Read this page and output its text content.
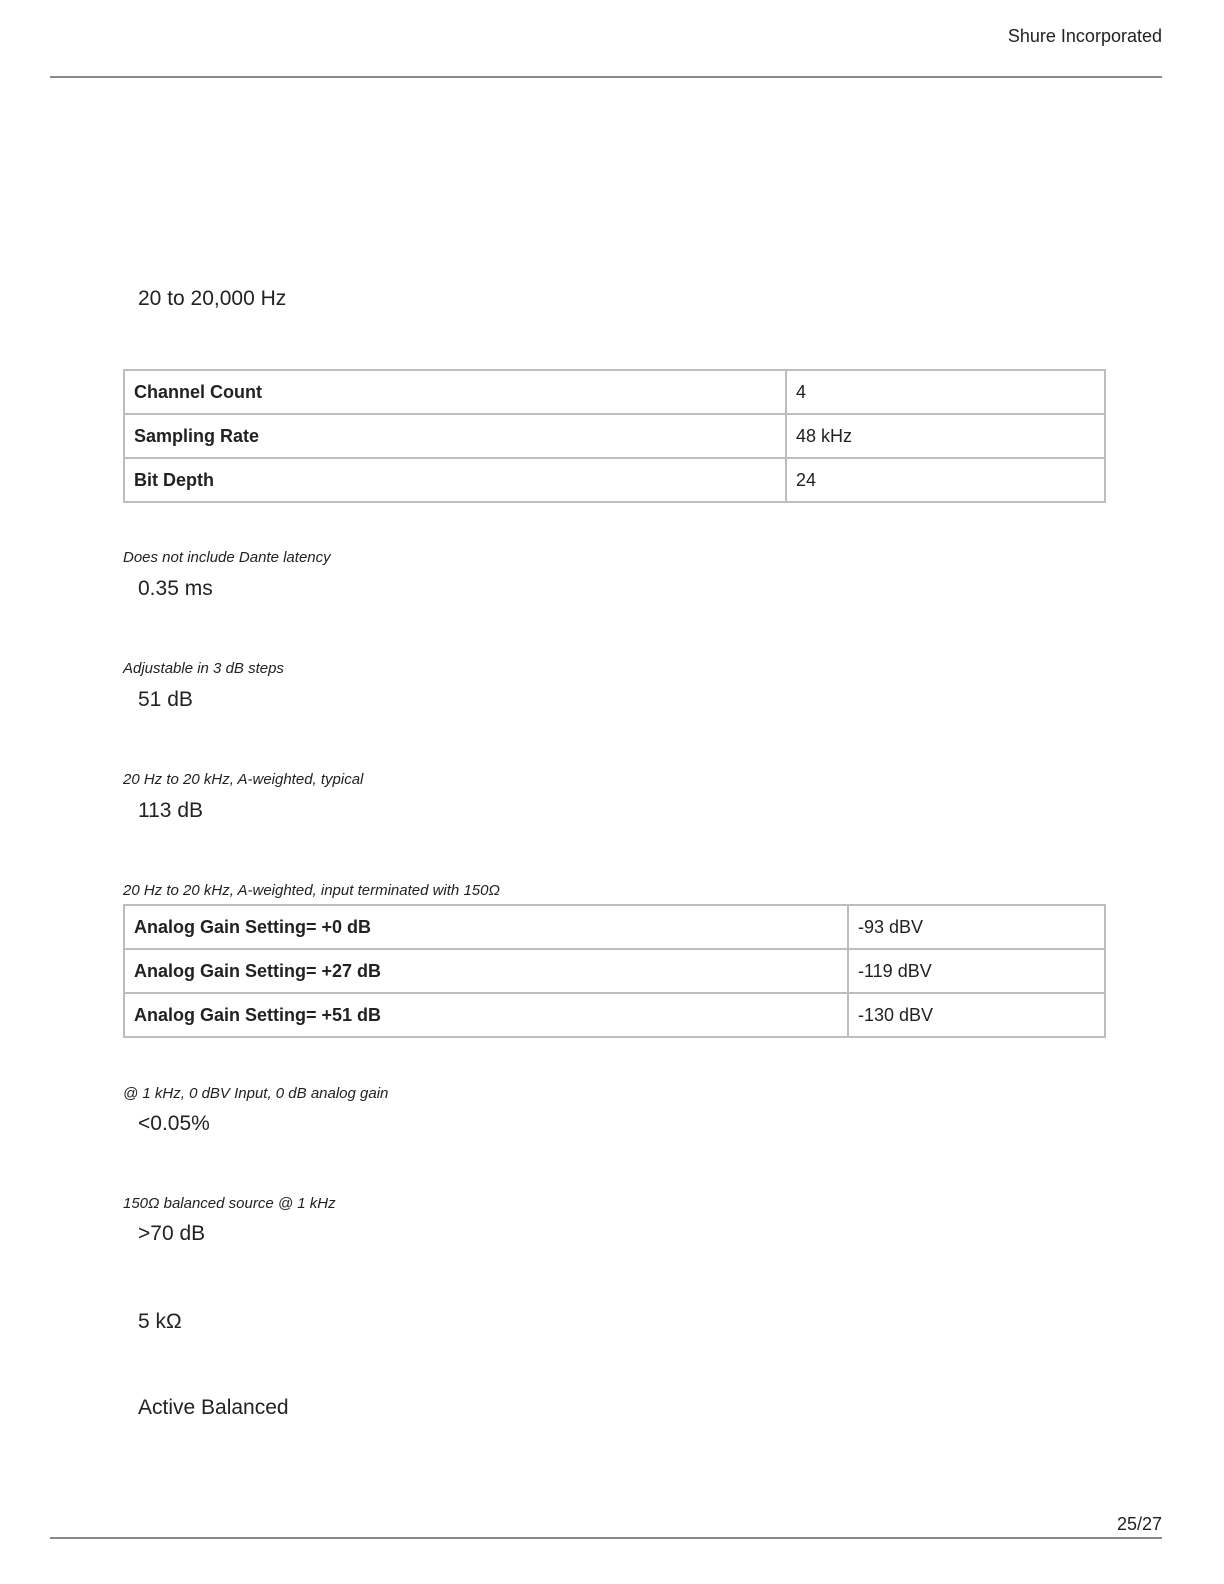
Shure Incorporated
20 to 20,000 Hz
Channel Count	4
Sampling Rate	48 kHz
Bit Depth	24
Does not include Dante latency
0.35 ms
Adjustable in 3 dB steps
51 dB
20 Hz to 20 kHz, A-weighted, typical
113 dB
20 Hz to 20 kHz, A-weighted, input terminated with 150Ω
Analog Gain Setting= +0 dB	-93 dBV
Analog Gain Setting= +27 dB	-119 dBV
Analog Gain Setting= +51 dB	-130 dBV
@ 1 kHz, 0 dBV Input, 0 dB analog gain
<0.05%
150Ω balanced source @ 1 kHz
>70 dB
5 kΩ
Active Balanced
25/27
